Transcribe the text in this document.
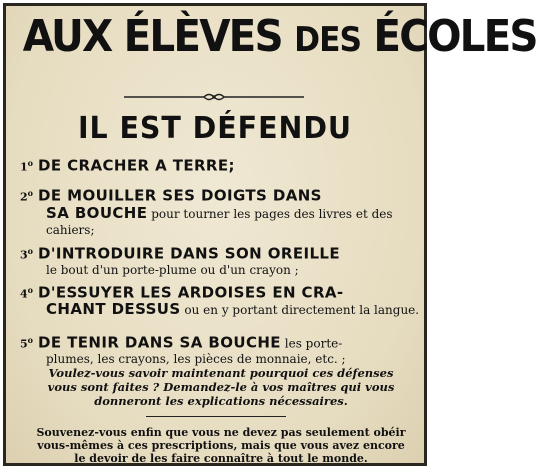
AUX ÉLÈVES DES ÉCOLES
IL EST DÉFENDU
1$^o$ DE CRACHER A TERRE;
2$^o$ DE MOUILLER SES DOIGTS DANS
SA BOUCHE pour tourner les pages des livres et des cahiers;
3$^o$ D'INTRODUIRE DANS SON OREILLE
le bout d'un porte-plume ou d'un crayon ;
4$^o$ D'ESSUYER LES ARDOISES EN CRA-
CHANT DESSUS ou en y portant directement la langue.
5$^o$ DE TENIR DANS SA BOUCHE les porte-
plumes, les crayons, les pièces de monnaie, etc. ;
Voulez-vous savoir maintenant pourquoi ces défenses vous sont faites ? Demandez-le à vos maîtres qui vous donneront les explications nécessaires.
Souvenez-vous enfin que vous ne devez pas seulement obéir vous-mêmes à ces prescriptions, mais que vous avez encore le devoir de les faire connaître à tout le monde.
